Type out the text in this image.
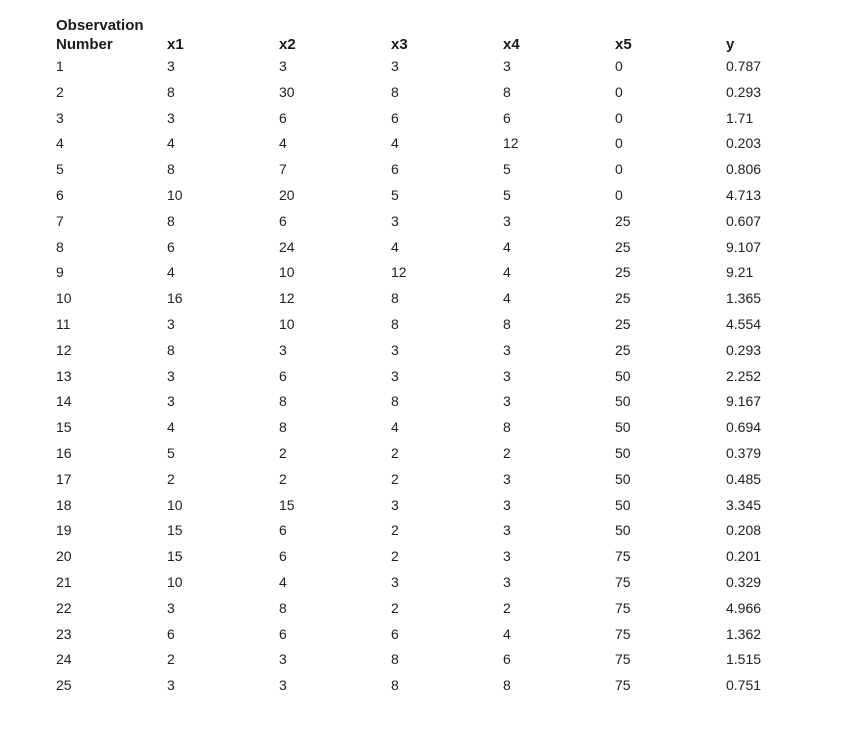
Observation
Number	x1	x2	x3	x4	x5	y
1	3	3	3	3	0	0.787
2	8	30	8	8	0	0.293
3	3	6	6	6	0	1.71
4	4	4	4	12	0	0.203
5	8	7	6	5	0	0.806
6	10	20	5	5	0	4.713
7	8	6	3	3	25	0.607
8	6	24	4	4	25	9.107
9	4	10	12	4	25	9.21
10	16	12	8	4	25	1.365
11	3	10	8	8	25	4.554
12	8	3	3	3	25	0.293
13	3	6	3	3	50	2.252
14	3	8	8	3	50	9.167
15	4	8	4	8	50	0.694
16	5	2	2	2	50	0.379
17	2	2	2	3	50	0.485
18	10	15	3	3	50	3.345
19	15	6	2	3	50	0.208
20	15	6	2	3	75	0.201
21	10	4	3	3	75	0.329
22	3	8	2	2	75	4.966
23	6	6	6	4	75	1.362
24	2	3	8	6	75	1.515
25	3	3	8	8	75	0.751
